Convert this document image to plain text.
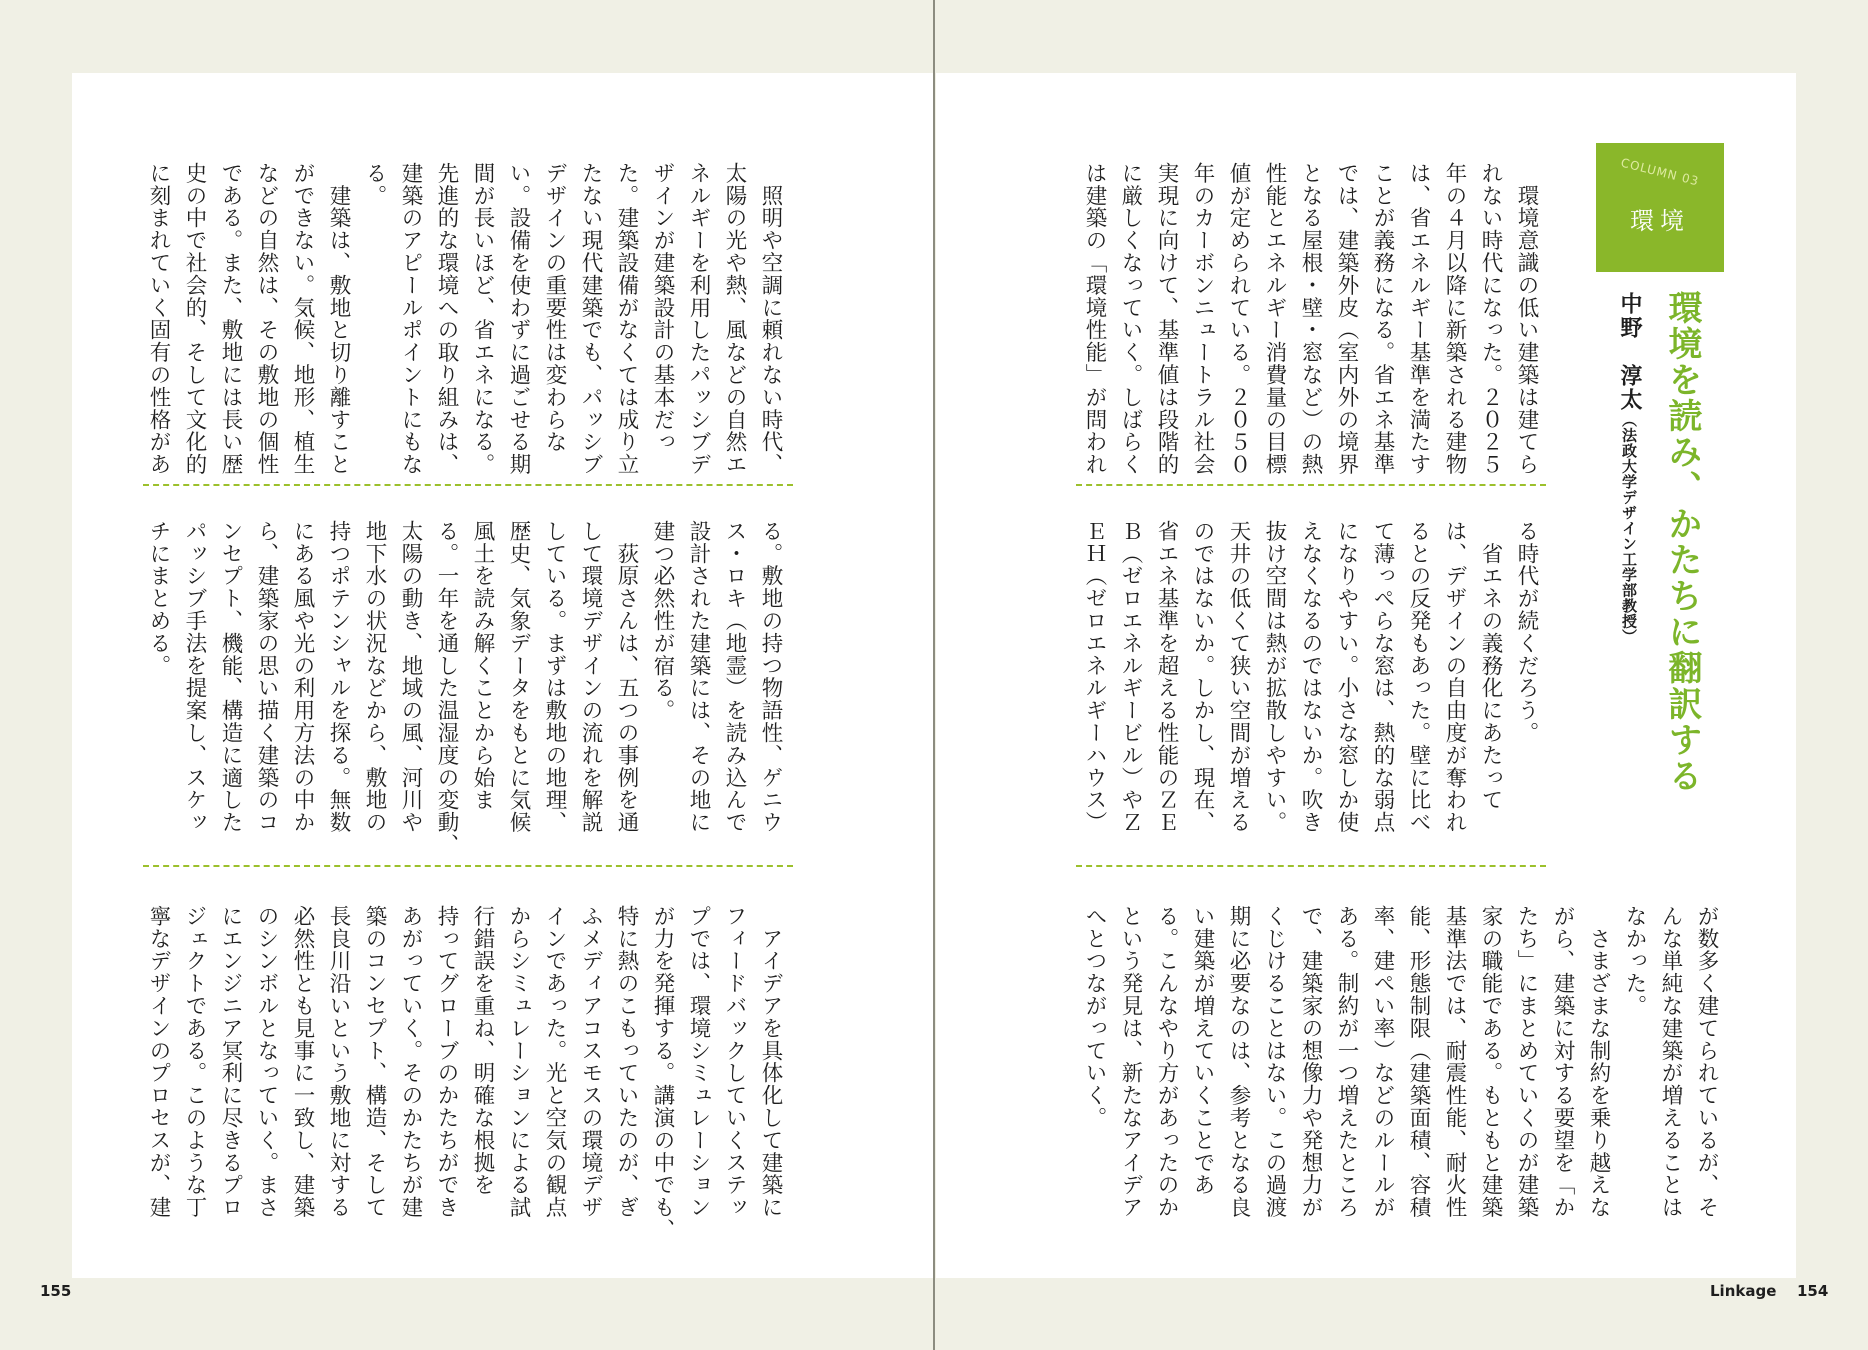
COLUMN 03
環境
環境を読み、かたちに翻訳する
中野　淳太（法政大学デザイン工学部教授）
　環境意識の低い建築は建てら
れない時代になった。２０２５
年の４月以降に新築される建物
は、省エネルギー基準を満たす
ことが義務になる。省エネ基準
では、建築外皮（室内外の境界
となる屋根・壁・窓など）の熱
性能とエネルギー消費量の目標
値が定められている。２０５０
年のカーボンニュートラル社会
実現に向けて、基準値は段階的
に厳しくなっていく。しばらく
は建築の「環境性能」が問われ
る時代が続くだろう。
　省エネの義務化にあたって
は、デザインの自由度が奪われ
るとの反発もあった。壁に比べ
て薄っぺらな窓は、熱的な弱点
になりやすい。小さな窓しか使
えなくなるのではないか。吹き
抜け空間は熱が拡散しやすい。
天井の低くて狭い空間が増える
のではないか。しかし、現在、
省エネ基準を超える性能のＺＥ
Ｂ（ゼロエネルギービル）やＺ
ＥＨ（ゼロエネルギーハウス）
が数多く建てられているが、そ
んな単純な建築が増えることは
なかった。
　さまざまな制約を乗り越えな
がら、建築に対する要望を「か
たち」にまとめていくのが建築
家の職能である。もともと建築
基準法では、耐震性能、耐火性
能、形態制限（建築面積、容積
率、建ぺい率）などのルールが
ある。制約が一つ増えたところ
で、建築家の想像力や発想力が
くじけることはない。この過渡
期に必要なのは、参考となる良
い建築が増えていくことであ
る。こんなやり方があったのか
という発見は、新たなアイデア
へとつながっていく。
　照明や空調に頼れない時代、
太陽の光や熱、風などの自然エ
ネルギーを利用したパッシブデ
ザインが建築設計の基本だっ
た。建築設備がなくては成り立
たない現代建築でも、パッシブ
デザインの重要性は変わらな
い。設備を使わずに過ごせる期
間が長いほど、省エネになる。
先進的な環境への取り組みは、
建築のアピールポイントにもな
る。
　建築は、敷地と切り離すこと
ができない。気候、地形、植生
などの自然は、その敷地の個性
である。また、敷地には長い歴
史の中で社会的、そして文化的
に刻まれていく固有の性格があ
る。敷地の持つ物語性、ゲニウ
ス・ロキ（地霊）を読み込んで
設計された建築には、その地に
建つ必然性が宿る。
　荻原さんは、五つの事例を通
して環境デザインの流れを解説
している。まずは敷地の地理、
歴史、気象データをもとに気候
風土を読み解くことから始ま
る。一年を通した温湿度の変動、
太陽の動き、地域の風、河川や
地下水の状況などから、敷地の
持つポテンシャルを探る。無数
にある風や光の利用方法の中か
ら、建築家の思い描く建築のコ
ンセプト、機能、構造に適した
パッシブ手法を提案し、スケッ
チにまとめる。
　アイデアを具体化して建築に
フィードバックしていくステッ
プでは、環境シミュレーション
が力を発揮する。講演の中でも、
特に熱のこもっていたのが、ぎ
ふメディアコスモスの環境デザ
インであった。光と空気の観点
からシミュレーションによる試
行錯誤を重ね、明確な根拠を
持ってグローブのかたちができ
あがっていく。そのかたちが建
築のコンセプト、構造、そして
長良川沿いという敷地に対する
必然性とも見事に一致し、建築
のシンボルとなっていく。まさ
にエンジニア冥利に尽きるプロ
ジェクトである。このような丁
寧なデザインのプロセスが、建
155	Linkage 154
